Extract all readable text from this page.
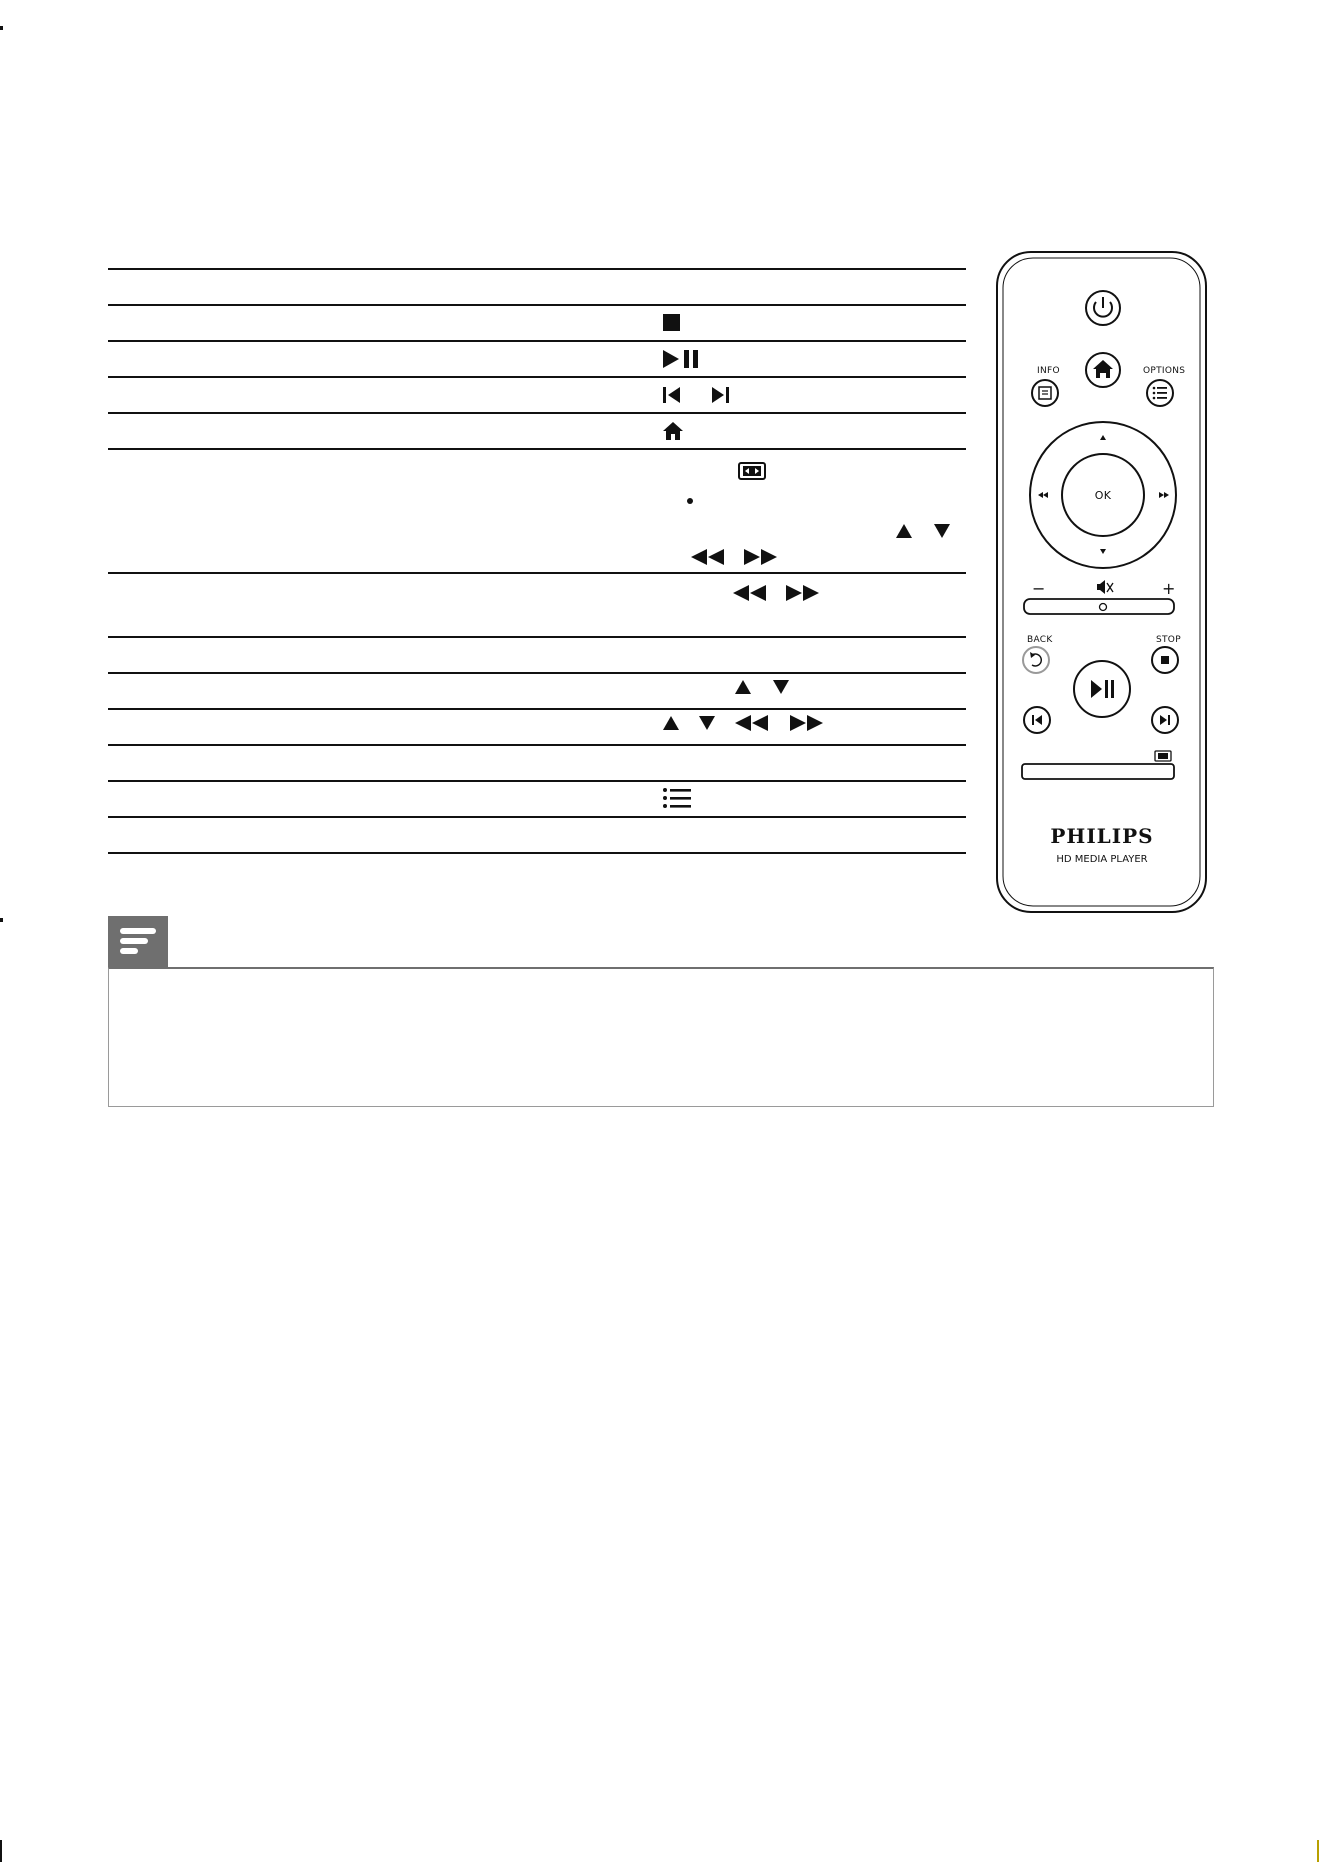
INFO	OPTIONS
OK
−	+
BACK	STOP
PHILIPS
HD MEDIA PLAYER
